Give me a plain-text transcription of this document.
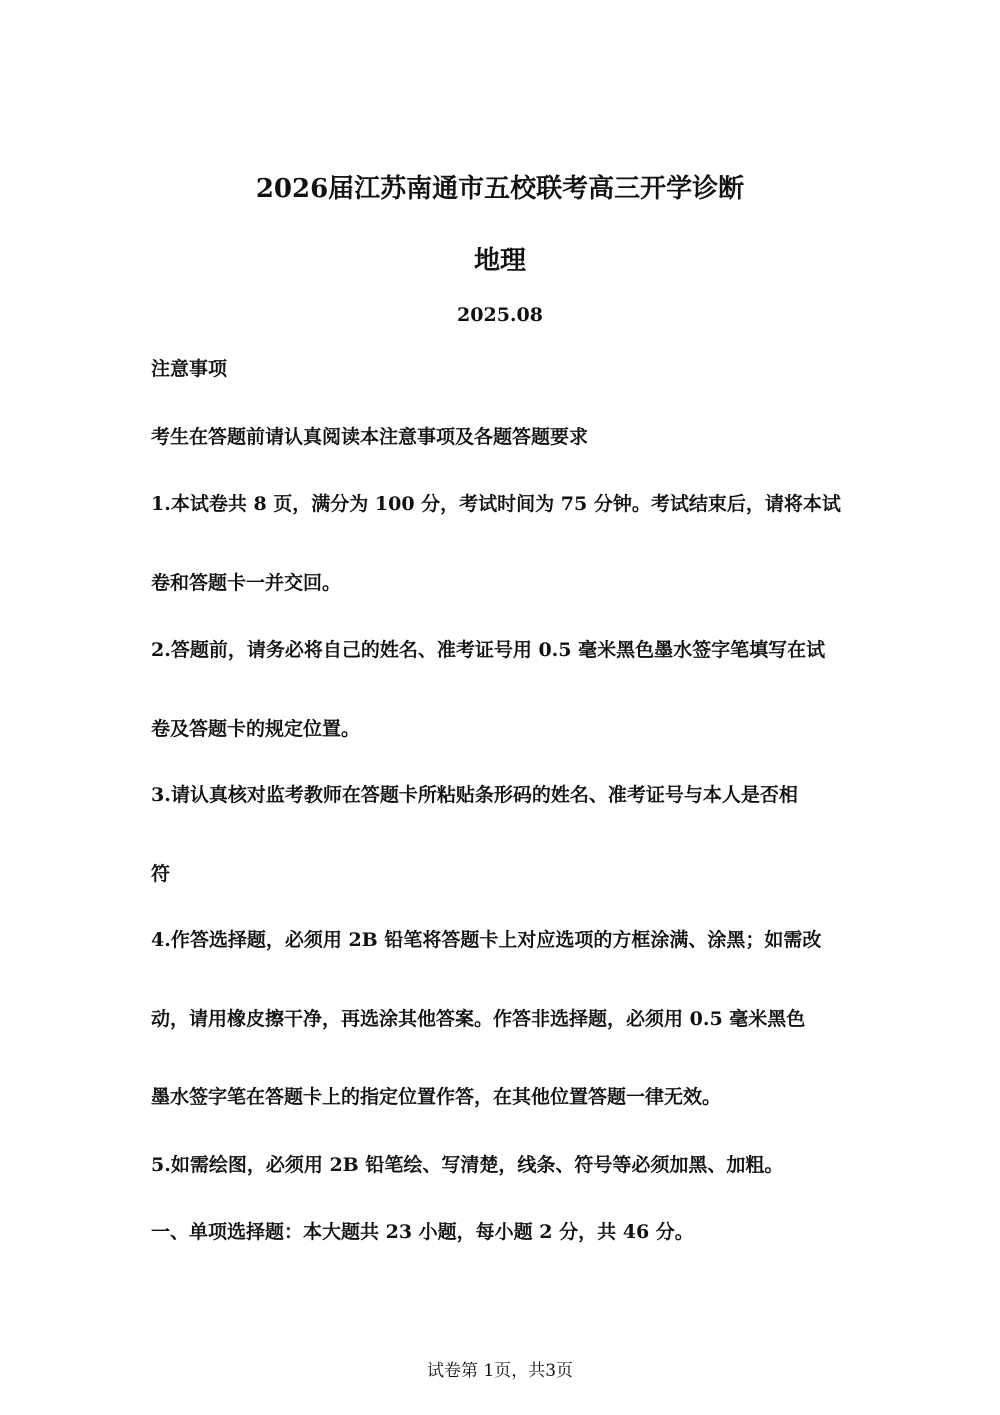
2026届江苏南通市五校联考高三开学诊断
地理
2025.08
注意事项
考生在答题前请认真阅读本注意事项及各题答题要求
1.本试卷共 8 页，满分为 100 分，考试时间为 75 分钟。考试结束后，请将本试
卷和答题卡一并交回。
2.答题前，请务必将自己的姓名、准考证号用 0.5 毫米黑色墨水签字笔填写在试
卷及答题卡的规定位置。
3.请认真核对监考教师在答题卡所粘贴条形码的姓名、准考证号与本人是否相
符
4.作答选择题，必须用 2B 铅笔将答题卡上对应选项的方框涂满、涂黑；如需改
动，请用橡皮擦干净，再选涂其他答案。作答非选择题，必须用 0.5 毫米黑色
墨水签字笔在答题卡上的指定位置作答，在其他位置答题一律无效。
5.如需绘图，必须用 2B 铅笔绘、写清楚，线条、符号等必须加黑、加粗。
一、单项选择题：本大题共 23 小题，每小题 2 分，共 46 分。
试卷第 1页，共3页
